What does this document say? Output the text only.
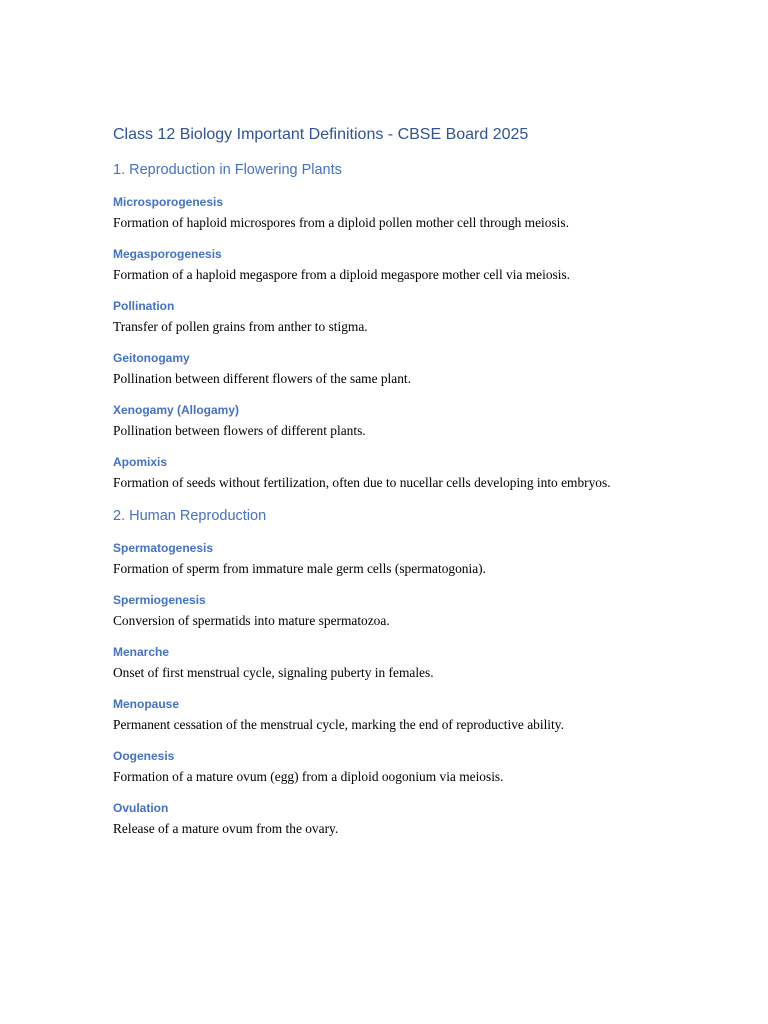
Class 12 Biology Important Definitions - CBSE Board 2025
1. Reproduction in Flowering Plants
Microsporogenesis

Formation of haploid microspores from a diploid pollen mother cell through meiosis.

Megasporogenesis

Formation of a haploid megaspore from a diploid megaspore mother cell via meiosis.

Pollination

Transfer of pollen grains from anther to stigma.

Geitonogamy

Pollination between different flowers of the same plant.

Xenogamy (Allogamy)

Pollination between flowers of different plants.

Apomixis

Formation of seeds without fertilization, often due to nucellar cells developing into embryos.

2. Human Reproduction
Spermatogenesis

Formation of sperm from immature male germ cells (spermatogonia).

Spermiogenesis

Conversion of spermatids into mature spermatozoa.

Menarche

Onset of first menstrual cycle, signaling puberty in females.

Menopause

Permanent cessation of the menstrual cycle, marking the end of reproductive ability.

Oogenesis

Formation of a mature ovum (egg) from a diploid oogonium via meiosis.

Ovulation

Release of a mature ovum from the ovary.
